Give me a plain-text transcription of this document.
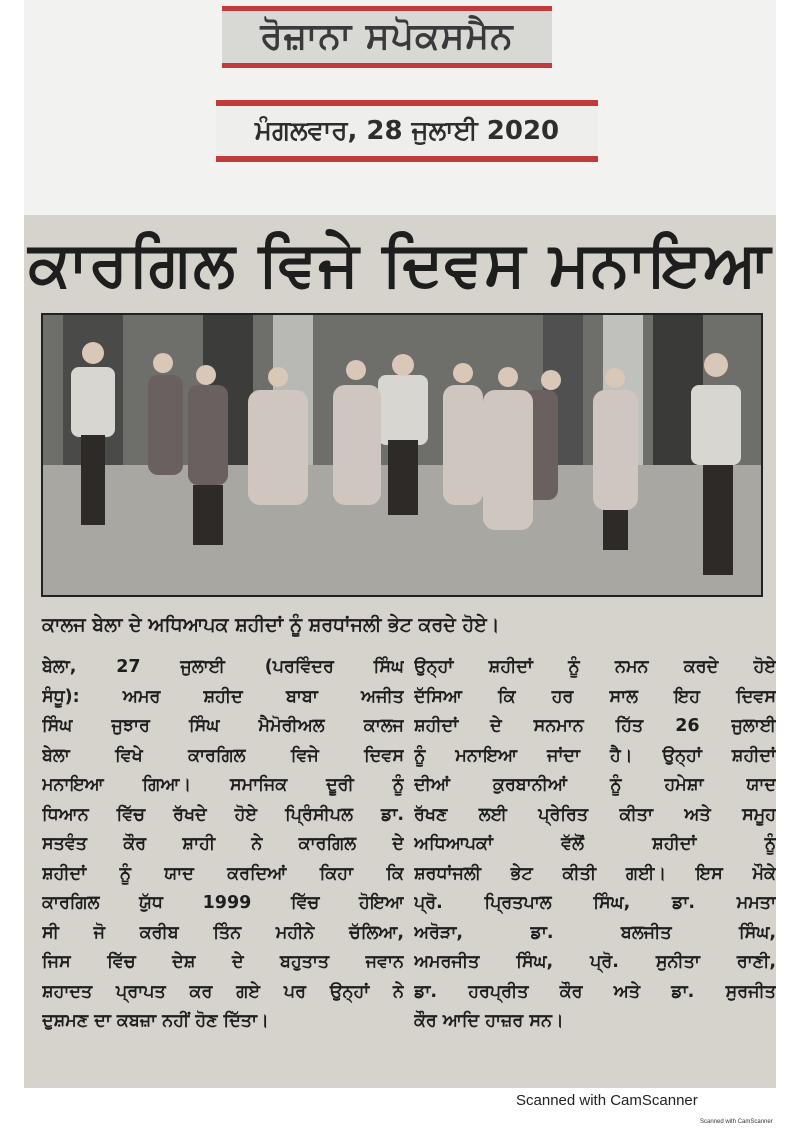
ਰੋਜ਼ਾਨਾ ਸਪੋਕਸਮੈਨ
ਮੰਗਲਵਾਰ, 28 ਜੁਲਾਈ 2020
ਕਾਰਗਿਲ ਵਿਜੇ ਦਿਵਸ ਮਨਾਇਆ
ਕਾਲਜ ਬੇਲਾ ਦੇ ਅਧਿਆਪਕ ਸ਼ਹੀਦਾਂ ਨੂੰ ਸ਼ਰਧਾਂਜਲੀ ਭੇਟ ਕਰਦੇ ਹੋਏ।
ਬੇਲਾ, 27 ਜੁਲਾਈ (ਪਰਵਿੰਦਰ ਸਿੰਘ
ਸੰਧੂ): ਅਮਰ ਸ਼ਹੀਦ ਬਾਬਾ ਅਜੀਤ
ਸਿੰਘ ਜੁਝਾਰ ਸਿੰਘ ਮੈਮੋਰੀਅਲ ਕਾਲਜ
ਬੇਲਾ ਵਿਖੇ ਕਾਰਗਿਲ ਵਿਜੇ ਦਿਵਸ
ਮਨਾਇਆ ਗਿਆ। ਸਮਾਜਿਕ ਦੂਰੀ ਨੂੰ
ਧਿਆਨ ਵਿੱਚ ਰੱਖਦੇ ਹੋਏ ਪ੍ਰਿੰਸੀਪਲ ਡਾ.
ਸਤਵੰਤ ਕੌਰ ਸ਼ਾਹੀ ਨੇ ਕਾਰਗਿਲ ਦੇ
ਸ਼ਹੀਦਾਂ ਨੂੰ ਯਾਦ ਕਰਦਿਆਂ ਕਿਹਾ ਕਿ
ਕਾਰਗਿਲ ਯੁੱਧ 1999 ਵਿੱਚ ਹੋਇਆ
ਸੀ ਜੋ ਕਰੀਬ ਤਿੰਨ ਮਹੀਨੇ ਚੱਲਿਆ,
ਜਿਸ ਵਿੱਚ ਦੇਸ਼ ਦੇ ਬਹੁਤਾਤ ਜਵਾਨ
ਸ਼ਹਾਦਤ ਪ੍ਰਾਪਤ ਕਰ ਗਏ ਪਰ ਉਨ੍ਹਾਂ ਨੇ
ਦੁਸ਼ਮਣ ਦਾ ਕਬਜ਼ਾ ਨਹੀਂ ਹੋਣ ਦਿੱਤਾ।
ਉਨ੍ਹਾਂ ਸ਼ਹੀਦਾਂ ਨੂੰ ਨਮਨ ਕਰਦੇ ਹੋਏ
ਦੱਸਿਆ ਕਿ ਹਰ ਸਾਲ ਇਹ ਦਿਵਸ
ਸ਼ਹੀਦਾਂ ਦੇ ਸਨਮਾਨ ਹਿੱਤ 26 ਜੁਲਾਈ
ਨੂੰ ਮਨਾਇਆ ਜਾਂਦਾ ਹੈ। ਉਨ੍ਹਾਂ ਸ਼ਹੀਦਾਂ
ਦੀਆਂ ਕੁਰਬਾਨੀਆਂ ਨੂੰ ਹਮੇਸ਼ਾ ਯਾਦ
ਰੱਖਣ ਲਈ ਪ੍ਰੇਰਿਤ ਕੀਤਾ ਅਤੇ ਸਮੂਹ
ਅਧਿਆਪਕਾਂ ਵੱਲੋਂ ਸ਼ਹੀਦਾਂ ਨੂੰ
ਸ਼ਰਧਾਂਜਲੀ ਭੇਟ ਕੀਤੀ ਗਈ। ਇਸ ਮੌਕੇ
ਪ੍ਰੋ. ਪ੍ਰਿਤਪਾਲ ਸਿੰਘ, ਡਾ. ਮਮਤਾ
ਅਰੋੜਾ, ਡਾ. ਬਲਜੀਤ ਸਿੰਘ,
ਅਮਰਜੀਤ ਸਿੰਘ, ਪ੍ਰੋ. ਸੁਨੀਤਾ ਰਾਣੀ,
ਡਾ. ਹਰਪ੍ਰੀਤ ਕੌਰ ਅਤੇ ਡਾ. ਸੁਰਜੀਤ
ਕੌਰ ਆਦਿ ਹਾਜ਼ਰ ਸਨ।
Scanned with CamScanner
Scanned with CamScanner
